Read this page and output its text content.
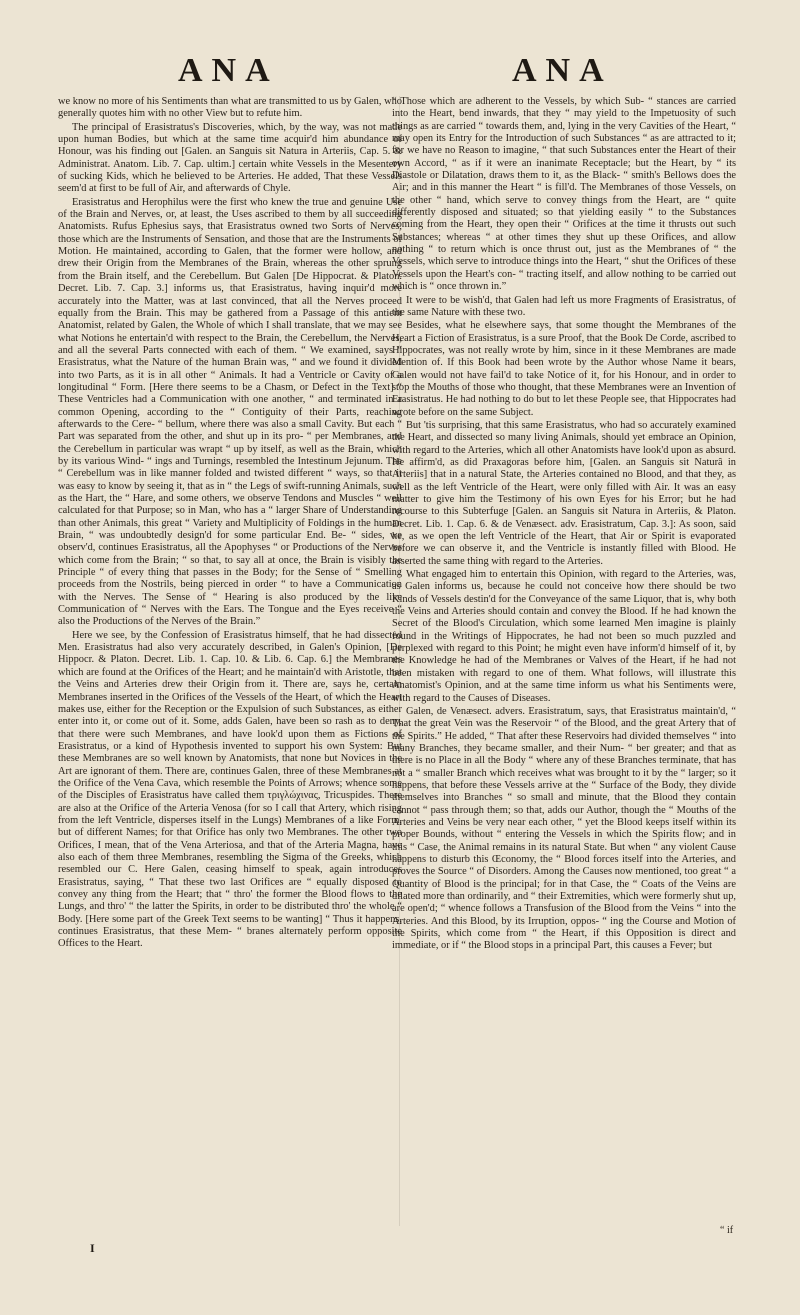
ANA	ANA

we know no more of his Sentiments than what are transmitted to us by Galen, who generally quotes him with no other View but to refute him.

The principal of Erasistratus's Discoveries, which, by the way, was not made upon human Bodies, but which at the same time acquir'd him abundance of Honour, was his finding out [Galen. an Sanguis sit Natura in Arteriis, Cap. 5. & Administrat. Anatom. Lib. 7. Cap. ultim.] certain white Vessels in the Mesentery of sucking Kids, which he believed to be Arteries. He added, That these Vessels seem'd at first to be full of Air, and afterwards of Chyle.

Erasistratus and Herophilus were the first who knew the true and genuine Use of the Brain and Nerves, or, at least, the Uses ascribed to them by all succeeding Anatomists. Rufus Ephesius says, that Erasistratus owned two Sorts of Nerves, those which are the Instruments of Sensation, and those that are the Instruments of Motion. He maintained, according to Galen, that the former were hollow, and drew their Origin from the Membranes of the Brain, whereas the other sprung from the Brain itself, and the Cerebellum. But Galen [De Hippocrat. & Platon. Decret. Lib. 7. Cap. 3.] informs us, that Erasistratus, having inquir'd more accurately into the Matter, was at last convinced, that all the Nerves proceed equally from the Brain. This may be gathered from a Passage of this antient Anatomist, related by Galen, the Whole of which I shall translate, that we may see what Notions he entertain'd with respect to the Brain, the Cerebellum, the Nerves, and all the several Parts connected with each of them. “ We examined, says “ Erasistratus, what the Nature of the human Brain was, “ and we found it divided into two Parts, as it is in all other “ Animals. It had a Ventricle or Cavity of a longitudinal “ Form. [Here there seems to be a Chasm, or Defect in the Text] “ These Ventricles had a Communication with one another, “ and terminated in a common Opening, according to the “ Contiguity of their Parts, reaching afterwards to the Cere- “ bellum, where there was also a small Cavity. But each “ Part was separated from the other, and shut up in its pro- “ per Membranes, and the Cerebellum in particular was wrapt “ up by itself, as well as the Brain, which by its various Wind- “ ings and Turnings, resembled the Intestinum Jejunum. The “ Cerebellum was in like manner folded and twisted different “ ways, so that it was easy to know by seeing it, that as in “ the Legs of swift-running Animals, such as the Hart, the “ Hare, and some others, we observe Tendons and Muscles “ well calculated for that Purpose; so in Man, who has a “ larger Share of Understanding than other Animals, this great “ Variety and Multiplicity of Foldings in the human Brain, “ was undoubtedly design'd for some particular End. Be- “ sides, we observ'd, continues Erasistratus, all the Apophyses “ or Productions of the Nerves which come from the Brain; “ so that, to say all at once, the Brain is visibly the Principle “ of every thing that passes in the Body; for the Sense of “ Smelling proceeds from the Nostrils, being pierced in order “ to have a Communication with the Nerves. The Sense of “ Hearing is also produced by the like Communication of “ Nerves with the Ears. The Tongue and the Eyes receive “ also the Productions of the Nerves of the Brain.”

Here we see, by the Confession of Erasistratus himself, that he had dissected Men. Erasistratus had also very accurately described, in Galen's Opinion, [De Hippocr. & Platon. Decret. Lib. 1. Cap. 10. & Lib. 6. Cap. 6.] the Membranes which are found at the Orifices of the Heart; and he maintain'd with Aristotle, that the Veins and Arteries drew their Origin from it. There are, says he, certain Membranes inserted in the Orifices of the Vessels of the Heart, of which the Heart makes use, either for the Reception or the Expulsion of such Substances, as either enter into it, or come out of it. Some, adds Galen, have been so rash as to deny, that there were such Membranes, and have look'd upon them as Fictions of Erasistratus, or a kind of Hypothesis invented to support his own System: But these Membranes are so well known by Anatomists, that none but Novices in the Art are ignorant of them. There are, continues Galen, three of these Membranes at the Orifice of the Vena Cava, which resemble the Points of Arrows; whence some of the Disciples of Erasistratus have called them τριγλώχινας, Tricuspides. There are also at the Orifice of the Arteria Venosa (for so I call that Artery, which rising from the left Ventricle, disperses itself in the Lungs) Membranes of a like Form, but of different Names; for that Orifice has only two Membranes. The other two Orifices, I mean, that of the Vena Arteriosa, and that of the Arteria Magna, have also each of them three Membranes, resembling the Sigma of the Greeks, which resembled our C. Here Galen, ceasing himself to speak, again introduces Erasistratus, saying, “ That these two last Orifices are “ equally disposed to convey any thing from the Heart; that “ thro' the former the Blood flows to the Lungs, and thro' “ the latter the Spirits, in order to be distributed thro' the whole “ Body. [Here some part of the Greek Text seems to be wanting] “ Thus it happens, continues Erasistratus, that these Mem- “ branes alternately perform opposite Offices to the Heart.

“ Those which are adherent to the Vessels, by which Sub- “ stances are carried into the Heart, bend inwards, that they “ may yield to the Impetuosity of such things as are carried “ towards them, and, lying in the very Cavities of the Heart, “ may open its Entry for the Introduction of such Substances “ as are attracted to it; for we have no Reason to imagine, “ that such Substances enter the Heart of their own Accord, “ as if it were an inanimate Receptacle; but the Heart, by “ its Diastole or Dilatation, draws them to it, as the Black- “ smith's Bellows does the Air; and in this manner the Heart “ is fill'd. The Membranes of those Vessels, on the other “ hand, which serve to convey things from the Heart, are “ quite differently disposed and situated; so that yielding easily “ to the Substances coming from the Heart, they open their “ Orifices at the time it thrusts out such Substances; whereas “ at other times they shut up these Orifices, and allow nothing “ to return which is once thrust out, just as the Membranes of “ the Vessels, which serve to introduce things into the Heart, “ shut the Orifices of these Vessels upon the Heart's con- “ tracting itself, and allow nothing to be carried out which is “ once thrown in.”

It were to be wish'd, that Galen had left us more Fragments of Erasistratus, of the same Nature with these two.

Besides, what he elsewhere says, that some thought the Membranes of the Heart a Fiction of Erasistratus, is a sure Proof, that the Book De Corde, ascribed to Hippocrates, was not really wrote by him, since in it these Membranes are made Mention of. If this Book had been wrote by the Author whose Name it bears, Galen would not have fail'd to take Notice of it, for his Honour, and in order to stop the Mouths of those who thought, that these Membranes were an Invention of Erasistratus. He had nothing to do but to let these People see, that Hippocrates had wrote before on the same Subject.

But 'tis surprising, that this same Erasistratus, who had so accurately examined the Heart, and dissected so many living Animals, should yet embrace an Opinion, with regard to the Arteries, which all other Anatomists have look'd upon as absurd. He affirm'd, as did Praxagoras before him, [Galen. an Sanguis sit Naturâ in Arteriis] that in a natural State, the Arteries contained no Blood, and that they, as well as the left Ventricle of the Heart, were only filled with Air. It was an easy matter to give him the Testimony of his own Eyes for his Error; but he had recourse to this Subterfuge [Galen. an Sanguis sit Natura in Arteriis, & Platon. Decret. Lib. 1. Cap. 6. & de Venæsect. adv. Erasistratum, Cap. 3.]: As soon, said he, as we open the left Ventricle of the Heart, that Air or Spirit is evaporated before we can observe it, and the Ventricle is instantly filled with Blood. He asserted the same thing with regard to the Arteries.

What engaged him to entertain this Opinion, with regard to the Arteries, was, as Galen informs us, because he could not conceive how there should be two Kinds of Vessels destin'd for the Conveyance of the same Liquor, that is, why both the Veins and Arteries should contain and convey the Blood. If he had known the Secret of the Blood's Circulation, which some learned Men imagine is plainly found in the Writings of Hippocrates, he had not been so much puzzled and perplexed with regard to this Point; he might even have inform'd himself of it, by the Knowledge he had of the Membranes or Valves of the Heart, if he had not been mistaken with regard to one of them. What follows, will illustrate this Anatomist's Opinion, and at the same time inform us what his Sentiments were, with regard to the Causes of Diseases.

Galen, de Venæsect. advers. Erasistratum, says, that Erasistratus maintain'd, “ That the great Vein was the Reservoir “ of the Blood, and the great Artery that of the Spirits.” He added, “ That after these Reservoirs had divided themselves “ into many Branches, they became smaller, and their Num- “ ber greater; and that as there is no Place in all the Body “ where any of these Branches terminate, that has not a “ smaller Branch which receives what was brought to it by the “ larger; so it happens, that before these Vessels arrive at the “ Surface of the Body, they divide themselves into Branches “ so small and minute, that the Blood they contain cannot “ pass through them; so that, adds our Author, though the “ Mouths of the Arteries and Veins be very near each other, “ yet the Blood keeps itself within its proper Bounds, without “ entering the Vessels in which the Spirits flow; and in this “ Case, the Animal remains in its natural State. But when “ any violent Cause happens to disturb this Œconomy, the “ Blood forces itself into the Arteries, and proves the Source “ of Disorders. Among the Causes now mentioned, too great “ a Quantity of Blood is the principal; for in that Case, the “ Coats of the Veins are dilated more than ordinarily, and “ their Extremities, which were formerly shut up, are open'd; “ whence follows a Transfusion of the Blood from the Veins “ into the Arteries. And this Blood, by its Irruption, oppos- “ ing the Course and Motion of the Spirits, which come from “ the Heart, if this Opposition is direct and immediate, or if “ the Blood stops in a principal Part, this causes a Fever; but

I
“ if
